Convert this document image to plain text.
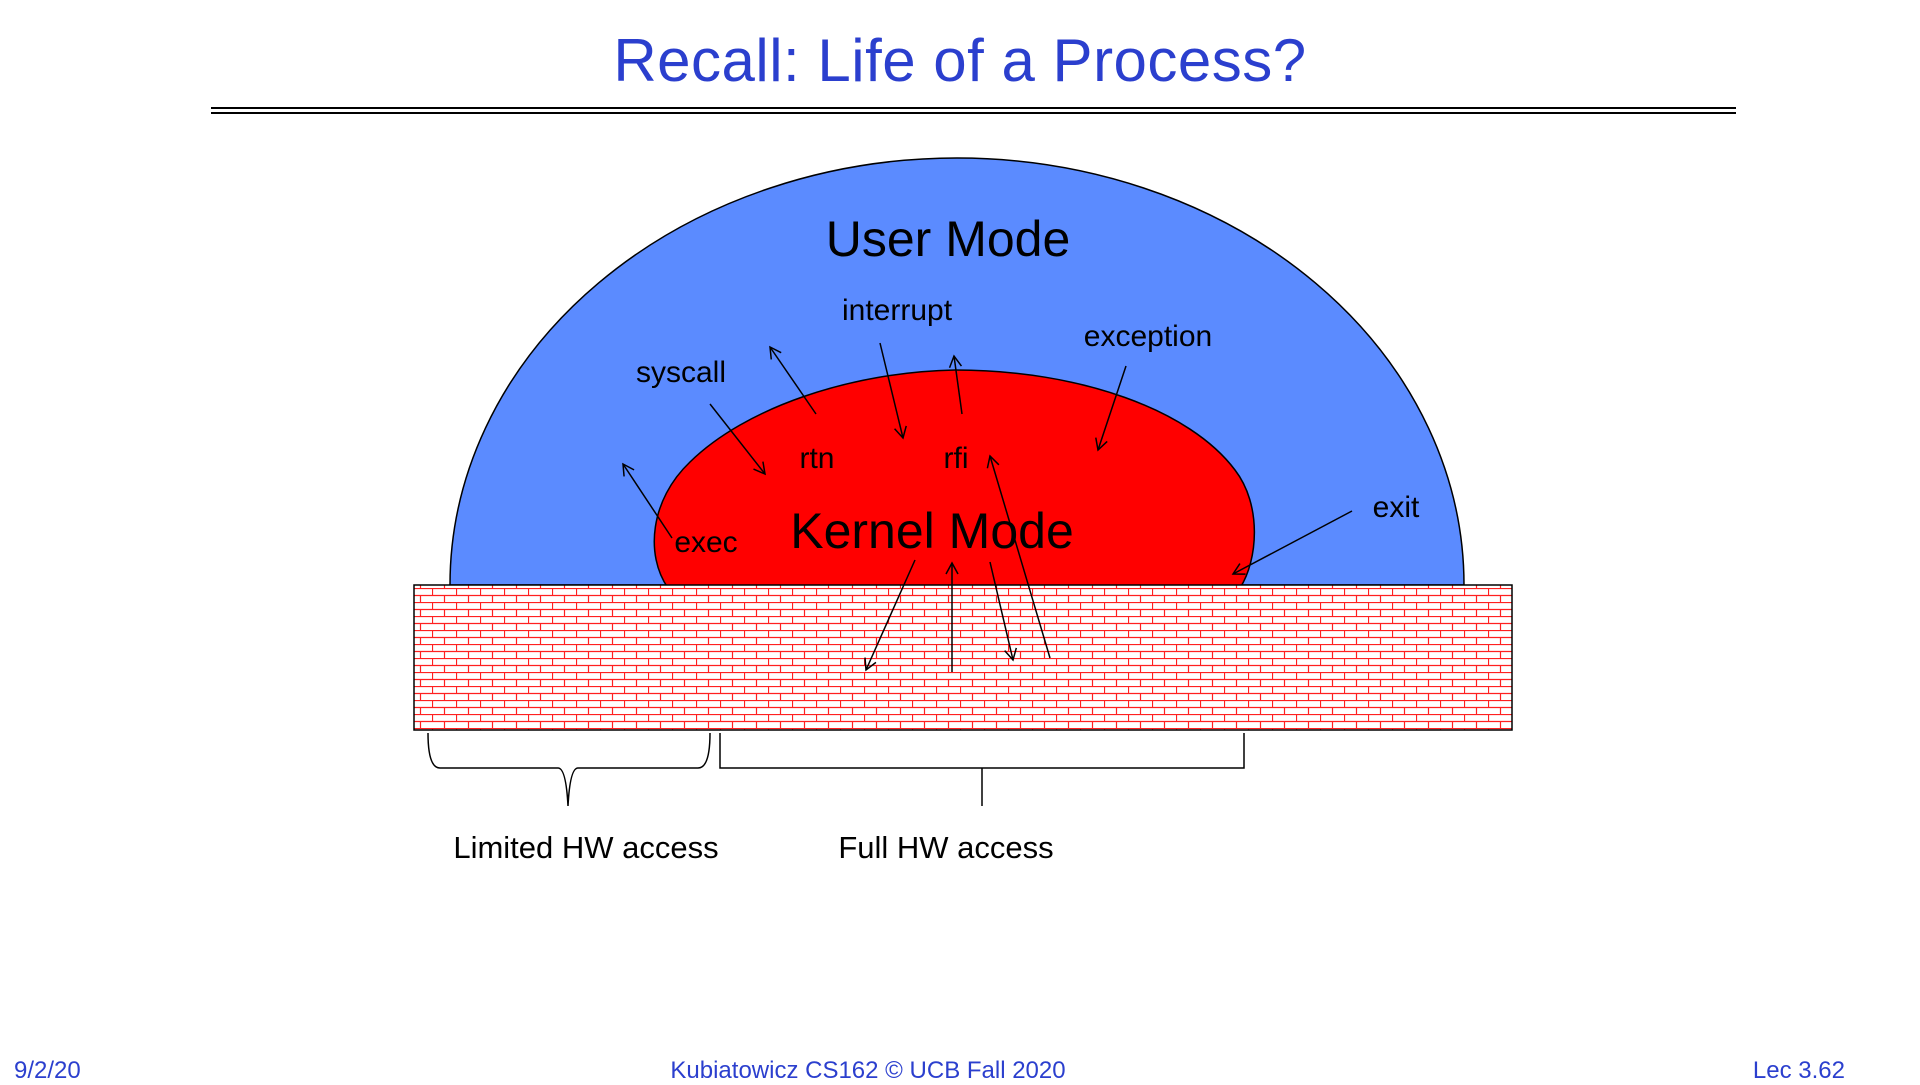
Recall: Life of a Process?
User Mode
Kernel Mode
interrupt
exception
syscall
rtn	rfi
exec
exit
Limited HW access	Full HW access
9/2/20	Kubiatowicz CS162 © UCB Fall 2020	Lec 3.62
